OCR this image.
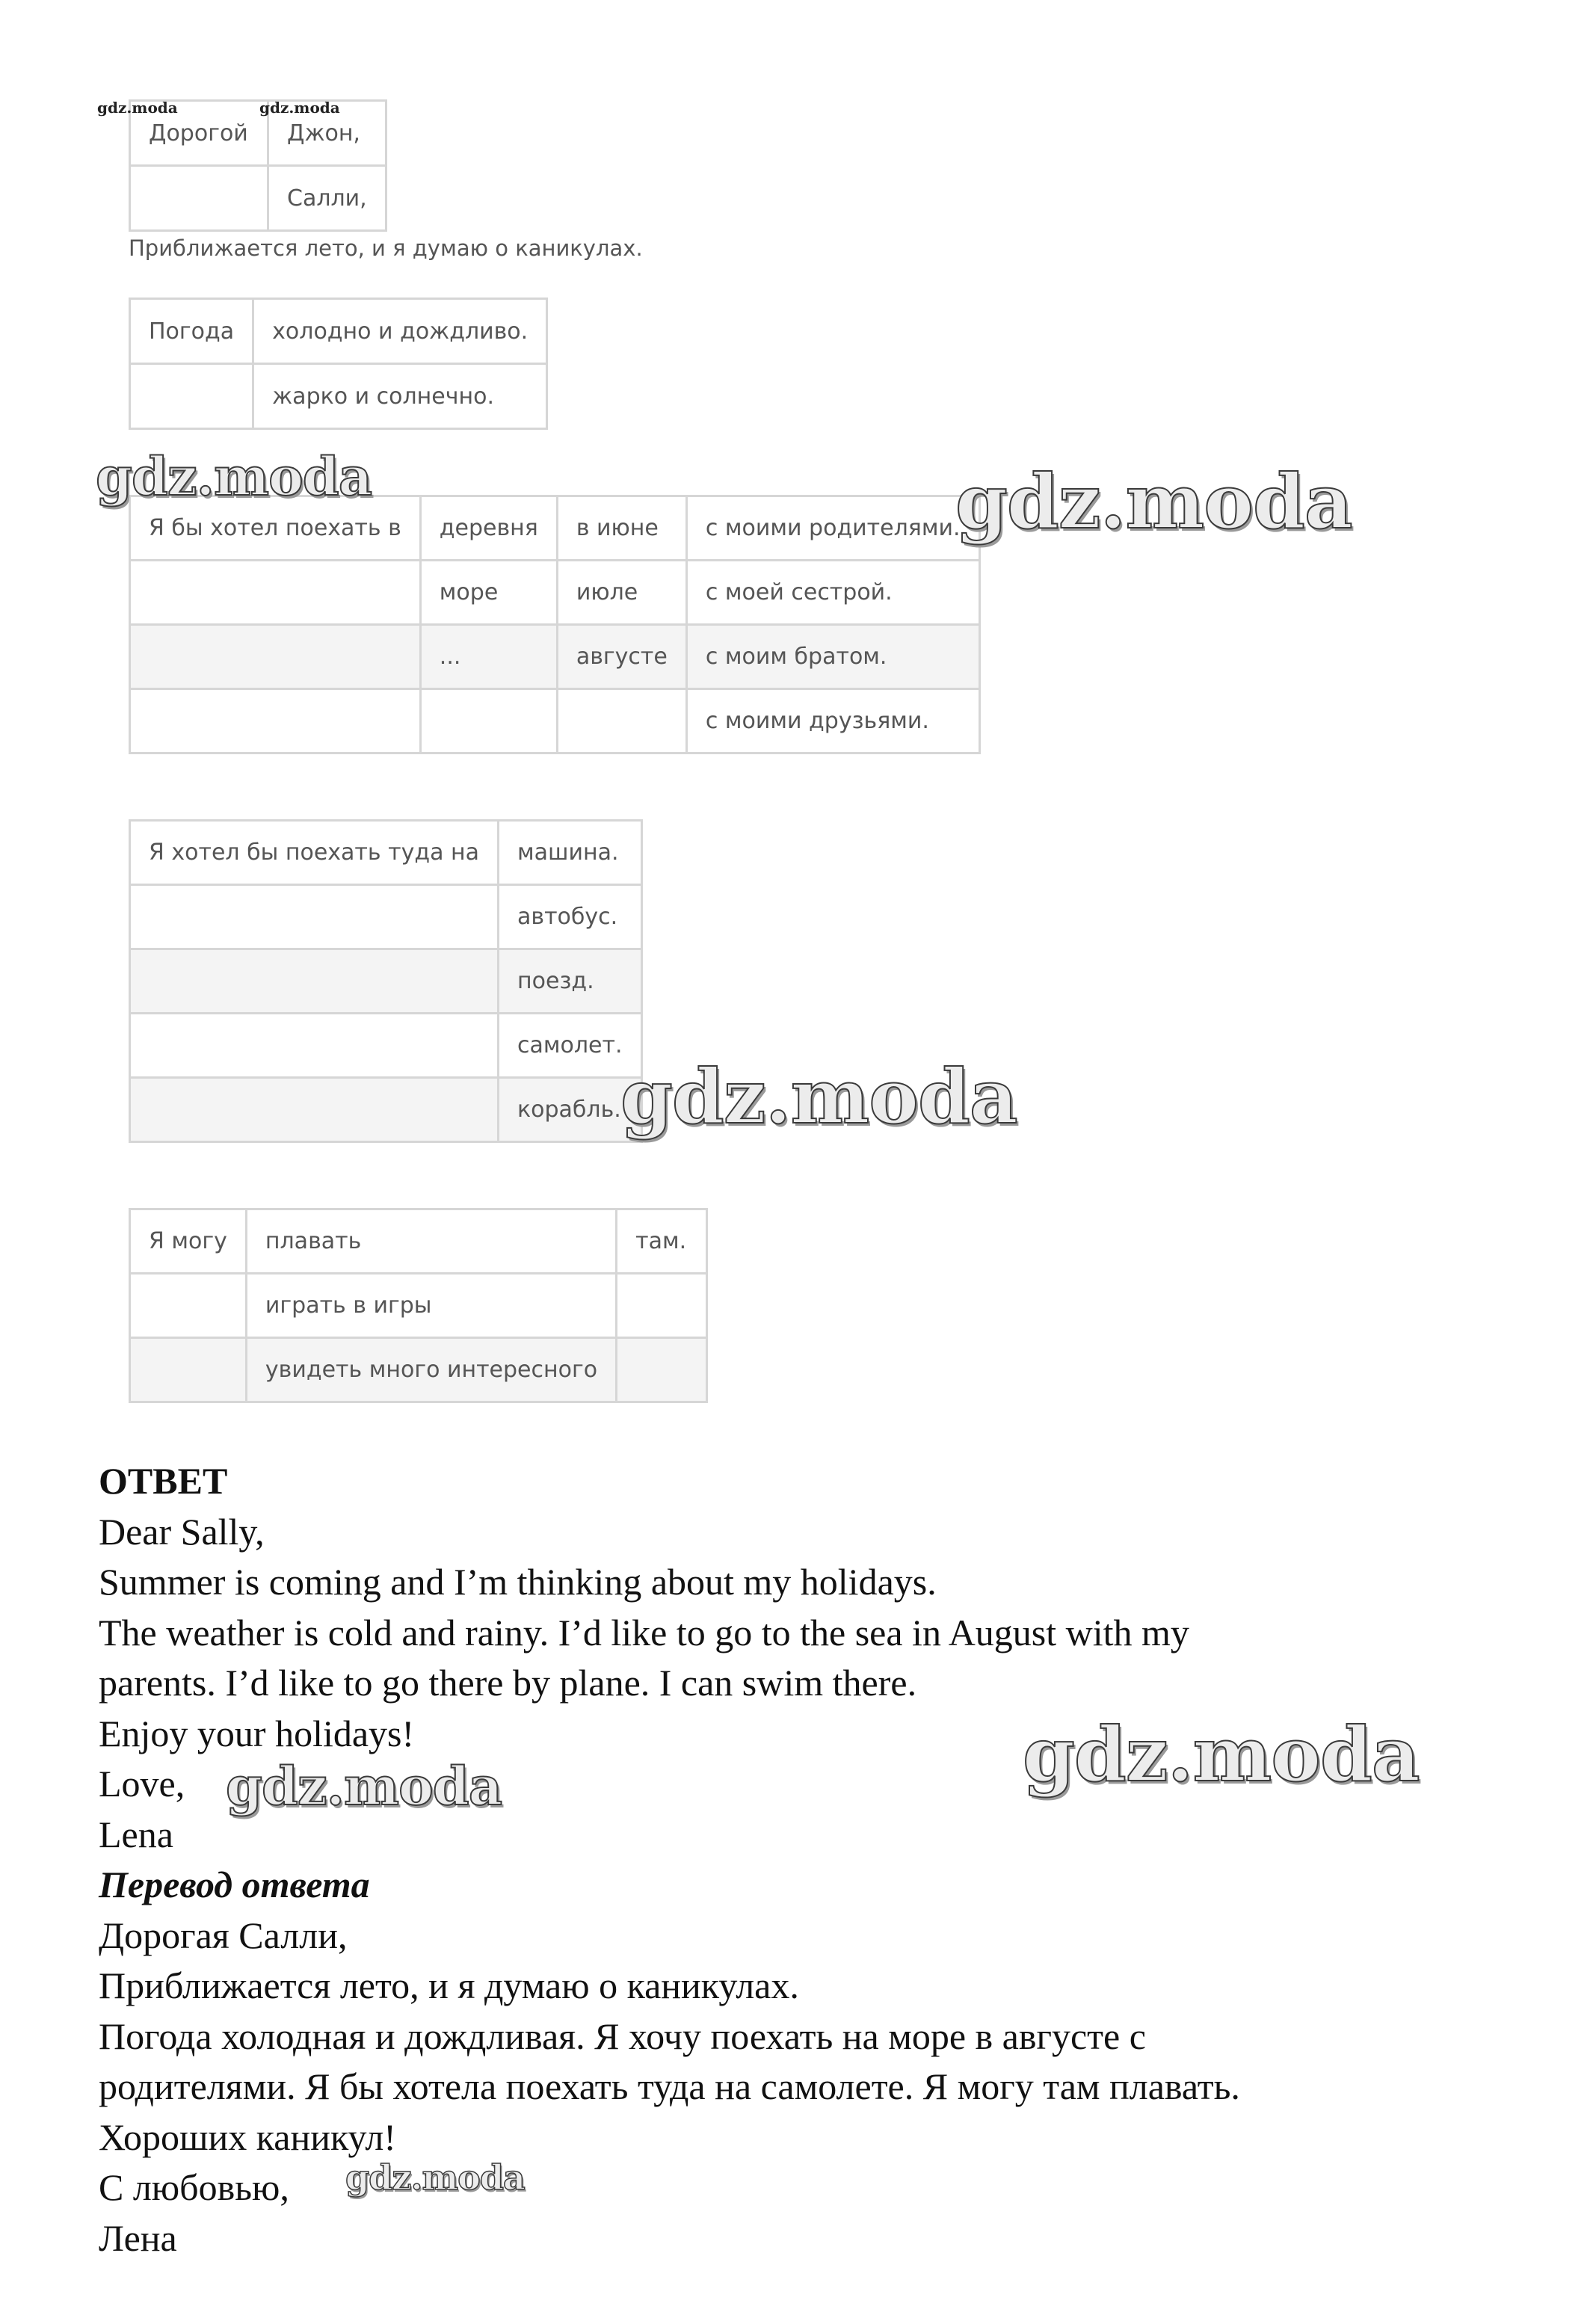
Дорогой	Джон,
	Салли,
Приближается лето, и я думаю о каникулах.
Погода	холодно и дождливо.
	жарко и солнечно.
Я бы хотел поехать в	деревня	в июне	с моими родителями.
	море	июле	с моей сестрой.
	...	августе	с моим братом.
			с моими друзьями.
Я хотел бы поехать туда на	машина.
	автобус.
	поезд.
	самолет.
	корабль.
Я могу	плавать	там.
	играть в игры	
	увидеть много интересного	

ОТВЕТ

Dear Sally,

Summer is coming and I’m thinking about my holidays.

The weather is cold and rainy. I’d like to go to the sea in August with my

parents. I’d like to go there by plane. I can swim there.

Enjoy your holidays!

Love,

Lena

Перевод ответа

Дорогая Салли,

Приближается лето, и я думаю о каникулах.

Погода холодная и дождливая. Я хочу поехать на море в августе с

родителями. Я бы хотела поехать туда на самолете. Я могу там плавать.

Хороших каникул!

С любовью,

Лена

gdz.moda	gdz.moda
gdz.moda	gdz.moda
gdz.moda
gdz.moda
gdz.moda
gdz.moda
